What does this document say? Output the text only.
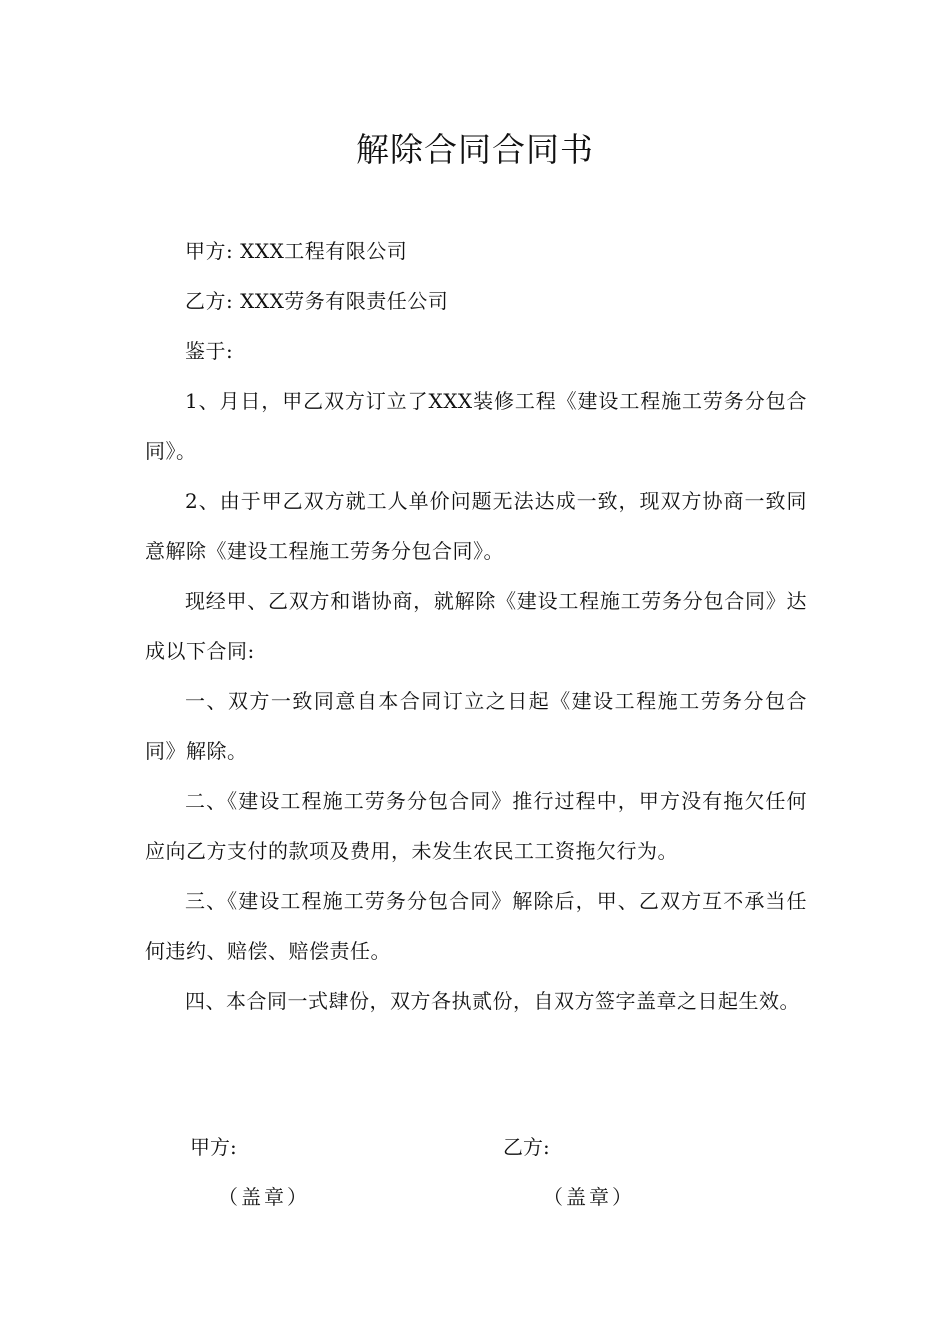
解除合同合同书

甲方: XXX工程有限公司

乙方: XXX劳务有限责任公司

鉴于:

1、月日，甲乙双方订立了XXX装修工程《建设工程施工劳务分包合同》。

2、由于甲乙双方就工人单价问题无法达成一致，现双方协商一致同意解除《建设工程施工劳务分包合同》。

现经甲、乙双方和谐协商，就解除《建设工程施工劳务分包合同》达成以下合同:

一、双方一致同意自本合同订立之日起《建设工程施工劳务分包合同》解除。

二、《建设工程施工劳务分包合同》推行过程中，甲方没有拖欠任何应向乙方支付的款项及费用，未发生农民工工资拖欠行为。

三、《建设工程施工劳务分包合同》解除后，甲、乙双方互不承当任何违约、赔偿、赔偿责任。

四、本合同一式肆份，双方各执贰份，自双方签字盖章之日起生效。

甲方:	乙方:
（盖章）	（盖章）
